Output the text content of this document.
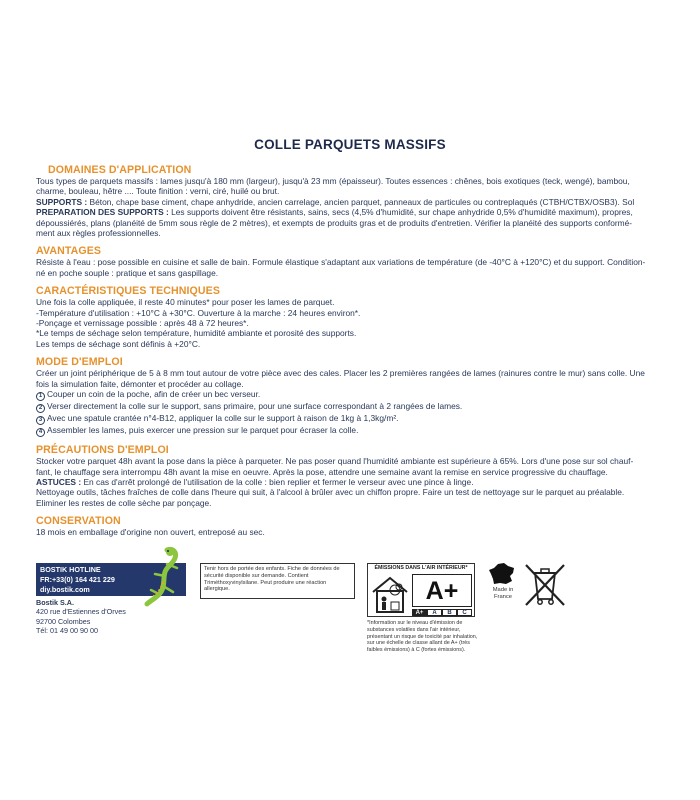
COLLE PARQUETS MASSIFS

DOMAINES D'APPLICATION

Tous types de parquets massifs : lames jusqu'à 180 mm (largeur), jusqu'à 23 mm (épaisseur). Toutes essences : chênes, bois exotiques (teck, wengé), bambou,

charme, bouleau, hêtre .... Toute finition : verni, ciré, huilé ou brut.

SUPPORTS : Béton, chape base ciment, chape anhydride, ancien carrelage, ancien parquet, panneaux de particules ou contreplaqués (CTBH/CTBX/OSB3). Sol

PREPARATION DES SUPPORTS : Les supports doivent être résistants, sains, secs (4,5% d'humidité, sur chape anhydride 0,5% d'humidité maximum), propres,

dépoussiérés, plans (planéité de 5mm sous règle de 2 mètres), et exempts de produits gras et de produits d'entretien. Vérifier la planéité des supports conformé-

ment aux règles professionnelles.

AVANTAGES

Résiste à l'eau : pose possible en cuisine et salle de bain. Formule élastique s'adaptant aux variations de température (de -40°C à +120°C) et du support. Condition-

né en poche souple : pratique et sans gaspillage.

CARACTÉRISTIQUES TECHNIQUES

Une fois la colle appliquée, il reste 40 minutes* pour poser les lames de parquet.

-Température d'utilisation : +10°C à +30°C. Ouverture à la marche : 24 heures environ*.

-Ponçage et vernissage possible : après 48 à 72 heures*.

*Le temps de séchage selon température, humidité ambiante et porosité des supports.

Les temps de séchage sont définis à +20°C.

MODE D'EMPLOI

Créer un joint périphérique de 5 à 8 mm tout autour de votre pièce avec des cales. Placer les 2 premières rangées de lames (rainures contre le mur) sans colle. Une

fois la simulation faite, démonter et procéder au collage.

1 Couper un coin de la poche, afin de créer un bec verseur.

2 Verser directement la colle sur le support, sans primaire, pour une surface correspondant à 2 rangées de lames.

3 Avec une spatule crantée n°4-B12, appliquer la colle sur le support à raison de 1kg à 1,3kg/m².

4 Assembler les lames, puis exercer une pression sur le parquet pour écraser la colle.

PRÉCAUTIONS D'EMPLOI

Stocker votre parquet 48h avant la pose dans la pièce à parqueter. Ne pas poser quand l'humidité ambiante est supérieure à 65%. Lors d'une pose sur sol chauf-

fant, le chauffage sera interrompu 48h avant la mise en oeuvre. Après la pose, attendre une semaine avant la remise en service progressive du chauffage.

ASTUCES : En cas d'arrêt prolongé de l'utilisation de la colle : bien replier et fermer le verseur avec une pince à linge.

Nettoyage outils, tâches fraîches de colle dans l'heure qui suit, à l'alcool à brûler avec un chiffon propre. Faire un test de nettoyage sur le parquet au préalable.

Eliminer les restes de colle sèche par ponçage.

CONSERVATION

18 mois en emballage d'origine non ouvert, entreposé au sec.

BOSTIK HOTLINE
FR:+33(0) 164 421 229
diy.bostik.com
Bostik S.A.
420 rue d'Estiennes d'Orves
92700 Colombes
Tél: 01 49 00 90 00
Tenir hors de portée des enfants. Fiche de données de sécurité disponible sur demande. Contient Triméthoxyvinylsilane. Peut produire une réaction allergique.
ÉMISSIONS DANS L'AIR INTÉRIEUR*
A+
A+	A	B	C
*Information sur le niveau d'émission de substances volatiles dans l'air intérieur, présentant un risque de toxicité par inhalation, sur une échelle de classe allant de A+ (très faibles émissions) à C (fortes émissions).
Made in France
